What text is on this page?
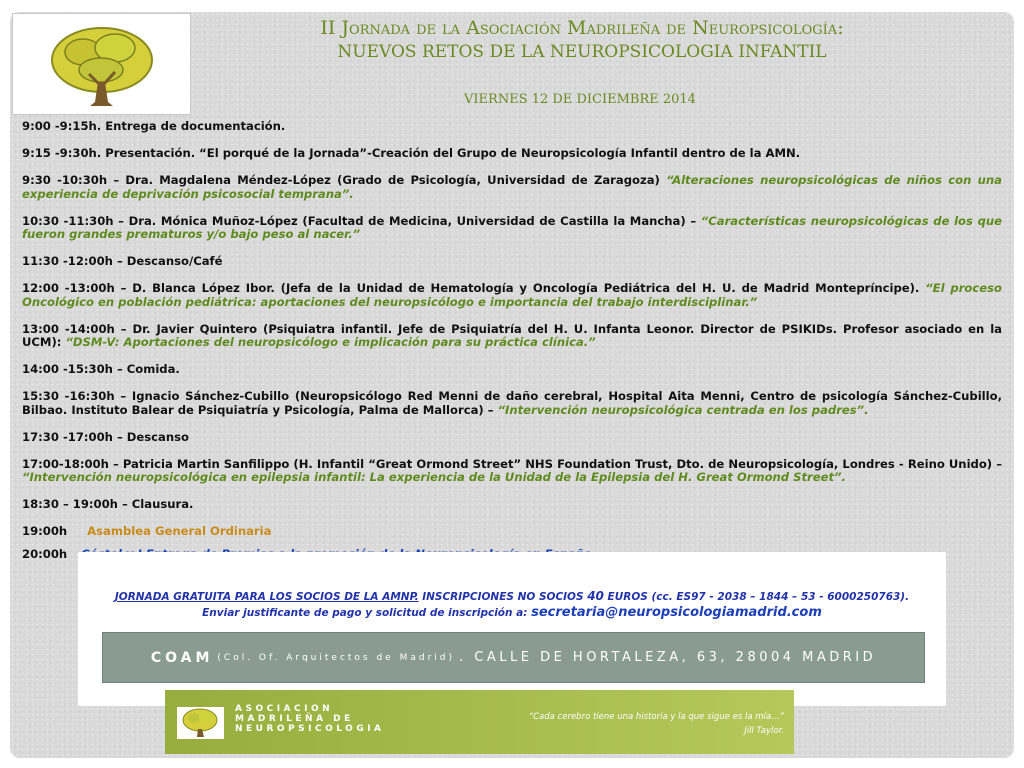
II Jornada de la Asociación Madrileña de Neuropsicología:
NUEVOS RETOS DE LA NEUROPSICOLOGIA INFANTIL
VIERNES 12 DE DICIEMBRE 2014
9:00 -9:15h. Entrega de documentación.
9:15 -9:30h. Presentación. “El porqué de la Jornada”-Creación del Grupo de Neuropsicología Infantil dentro de la AMN.
9:30 -10:30h – Dra. Magdalena Méndez-López (Grado de Psicología, Universidad de Zaragoza) “Alteraciones neuropsicológicas de niños con una experiencia de deprivación psicosocial temprana”.
10:30 -11:30h – Dra. Mónica Muñoz-López (Facultad de Medicina, Universidad de Castilla la Mancha) – “Características neuropsicológicas de los que fueron grandes prematuros y/o bajo peso al nacer.”
11:30 -12:00h – Descanso/Café
12:00 -13:00h – D. Blanca López Ibor. (Jefa de la Unidad de Hematología y Oncología Pediátrica del H. U. de Madrid Montepríncipe). “El proceso Oncológico en población pediátrica: aportaciones del neuropsicólogo e importancia del trabajo interdisciplinar.”
13:00 -14:00h – Dr. Javier Quintero (Psiquiatra infantil. Jefe de Psiquiatría del H. U. Infanta Leonor. Director de PSIKIDs. Profesor asociado en la UCM): “DSM-V: Aportaciones del neuropsicólogo e implicación para su práctica clínica.”
14:00 -15:30h – Comida.
15:30 -16:30h – Ignacio Sánchez-Cubillo (Neuropsicólogo Red Menni de daño cerebral, Hospital Aita Menni, Centro de psicología Sánchez-Cubillo, Bilbao. Instituto Balear de Psiquiatría y Psicología, Palma de Mallorca) – “Intervención neuropsicológica centrada en los padres”.
17:30 -17:00h – Descanso
17:00-18:00h – Patricia Martin Sanfilippo (H. Infantil “Great Ormond Street” NHS Foundation Trust, Dto. de Neuropsicología, Londres - Reino Unido) – “Intervención neuropsicológica en epilepsia infantil: La experiencia de la Unidad de la Epilepsia del H. Great Ormond Street”.
18:30 – 19:00h – Clausura.
19:00h Asamblea General Ordinaria
20:00h
JORNADA GRATUITA PARA LOS SOCIOS DE LA AMNP. INSCRIPCIONES NO SOCIOS 40 EUROS (cc. ES97 - 2038 – 1844 – 53 - 6000250763).
Enviar justificante de pago y solicitud de inscripción a: secretaria@neuropsicologiamadrid.com
COAM (Col. Of. Arquitectos de Madrid) . CALLE DE HORTALEZA, 63, 28004 MADRID
ASOCIACION
MADRILEÑA DE
NEUROPSICOLOGIA
“Cada cerebro tiene una historia y la que sigue es la mía…”
Jill Taylor.
